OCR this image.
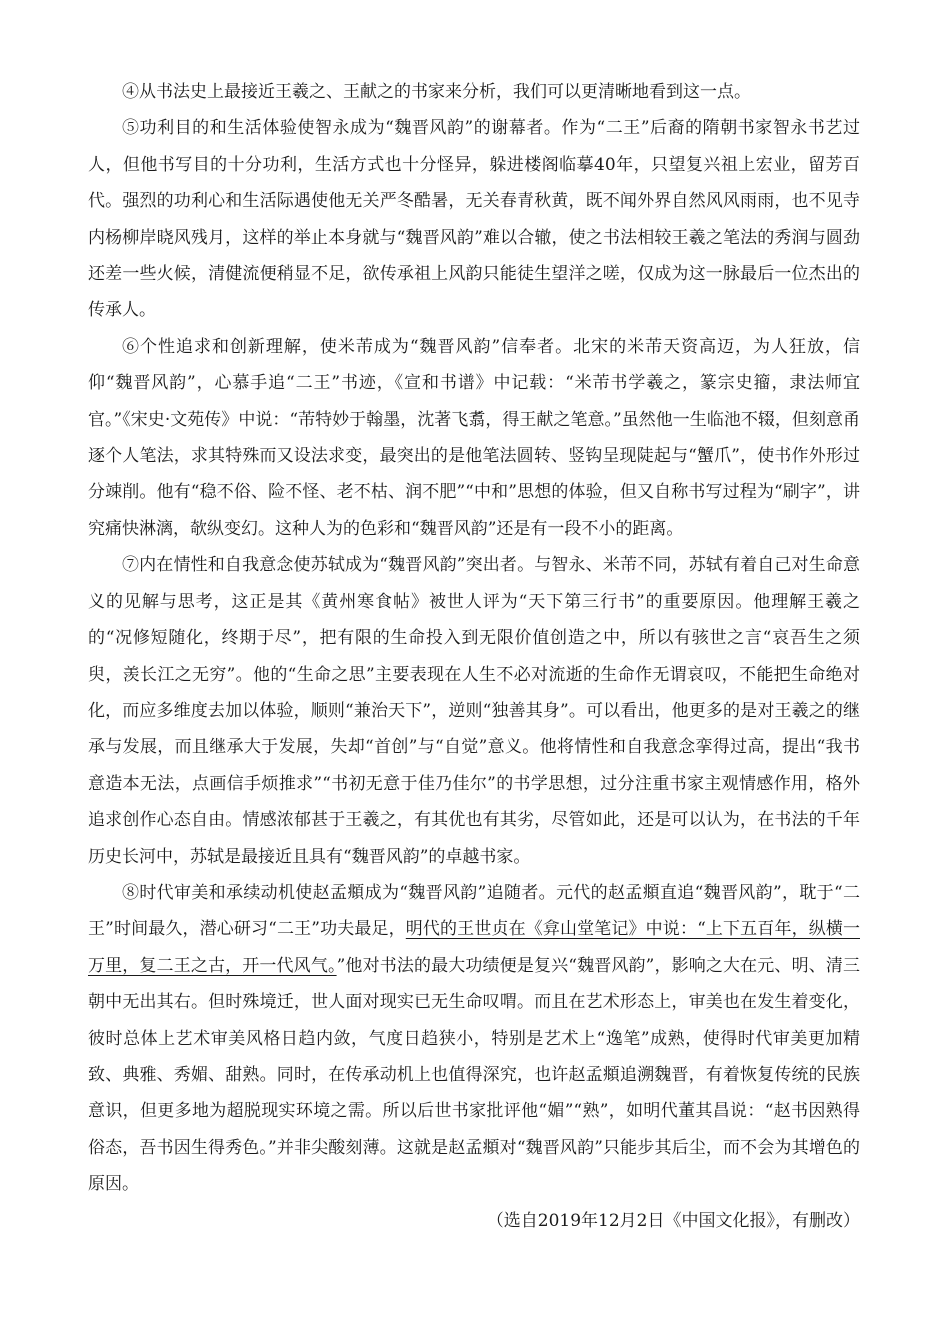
④从书法史上最接近王羲之、王献之的书家来分析，我们可以更清晰地看到这一点。

⑤功利目的和生活体验使智永成为“魏晋风韵”的谢幕者。作为“二王”后裔的隋朝书家智永书艺过人，但他书写目的十分功利，生活方式也十分怪异，躲进楼阁临摹40年，只望复兴祖上宏业，留芳百代。强烈的功利心和生活际遇使他无关严冬酷暑，无关春青秋黄，既不闻外界自然风风雨雨，也不见寺内杨柳岸晓风残月，这样的举止本身就与“魏晋风韵”难以合辙，使之书法相较王羲之笔法的秀润与圆劲还差一些火候，清健流便稍显不足，欲传承祖上风韵只能徒生望洋之嗟，仅成为这一脉最后一位杰出的传承人。

⑥个性追求和创新理解，使米芾成为“魏晋风韵”信奉者。北宋的米芾天资高迈，为人狂放，信仰“魏晋风韵”，心慕手追“二王”书迹，《宣和书谱》中记载：“米芾书学羲之，篆宗史籀，隶法师宜官。”《宋史·文苑传》中说：“芾特妙于翰墨，沈著飞翥，得王献之笔意。”虽然他一生临池不辍，但刻意甬逐个人笔法，求其特殊而又设法求变，最突出的是他笔法圆转、竖钩呈现陡起与“蟹爪”，使书作外形过分竦削。他有“稳不俗、险不怪、老不枯、润不肥”“中和”思想的体验，但又自称书写过程为“刷字”，讲究痛快淋漓，欹纵变幻。这种人为的色彩和“魏晋风韵”还是有一段不小的距离。

⑦内在情性和自我意念使苏轼成为“魏晋风韵”突出者。与智永、米芾不同，苏轼有着自己对生命意义的见解与思考，这正是其《黄州寒食帖》被世人评为“天下第三行书”的重要原因。他理解王羲之的“况修短随化，终期于尽”，把有限的生命投入到无限价值创造之中，所以有骇世之言“哀吾生之须臾，羡长江之无穷”。他的“生命之思”主要表现在人生不必对流逝的生命作无谓哀叹，不能把生命绝对化，而应多维度去加以体验，顺则“兼治天下”，逆则“独善其身”。可以看出，他更多的是对王羲之的继承与发展，而且继承大于发展，失却“首创”与“自觉”意义。他将情性和自我意念挛得过高，提出“我书意造本无法，点画信手烦推求”“书初无意于佳乃佳尔”的书学思想，过分注重书家主观情感作用，格外追求创作心态自由。情感浓郁甚于王羲之，有其优也有其劣，尽管如此，还是可以认为，在书法的千年历史长河中，苏轼是最接近且具有“魏晋风韵”的卓越书家。

⑧时代审美和承续动机使赵孟頫成为“魏晋风韵”追随者。元代的赵孟頫直追“魏晋风韵”，耽于“二王”时间最久，潜心研习“二王”功夫最足，明代的王世贞在《弇山堂笔记》中说：“上下五百年，纵横一万里，复二王之古，开一代风气。”他对书法的最大功绩便是复兴“魏晋风韵”，影响之大在元、明、清三朝中无出其右。但时殊境迁，世人面对现实已无生命叹喟。而且在艺术形态上，审美也在发生着变化，彼时总体上艺术审美风格日趋内敛，气度日趋狭小，特别是艺术上“逸笔”成熟，使得时代审美更加精致、典雅、秀媚、甜熟。同时，在传承动机上也值得深究，也许赵孟頫追溯魏晋，有着恢复传统的民族意识，但更多地为超脱现实环境之需。所以后世书家批评他“媚”“熟”，如明代董其昌说：“赵书因熟得俗态，吾书因生得秀色。”并非尖酸刻薄。这就是赵孟頫对“魏晋风韵”只能步其后尘，而不会为其增色的原因。

（选自2019年12月2日《中国文化报》，有删改）
